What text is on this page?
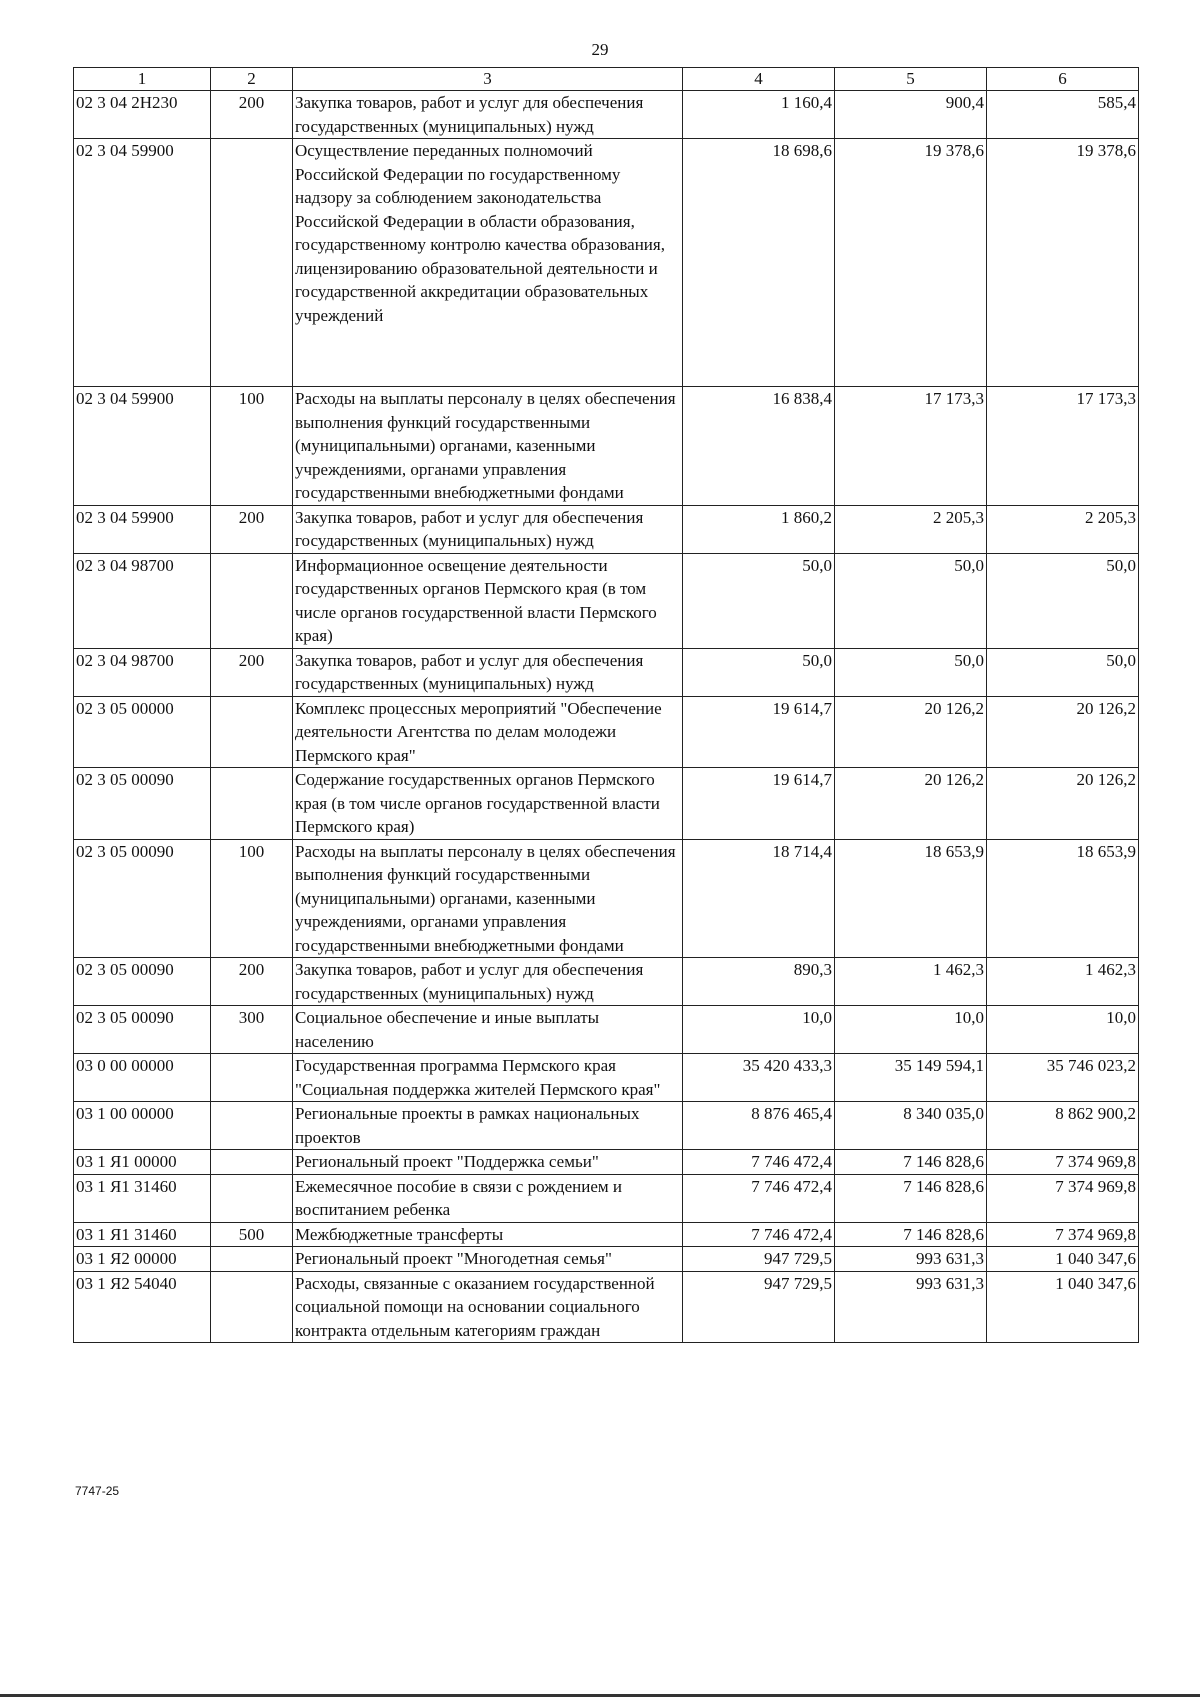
29
1	2	3	4	5	6
02 3 04 2Н230	200	Закупка товаров, работ и услуг для обеспечения государственных (муниципальных) нужд	1 160,4	900,4	585,4
02 3 04 59900		Осуществление переданных полномочий Российской Федерации по государственному надзору за соблюдением законодательства Российской Федерации в области образования, государственному контролю качества образования, лицензированию образовательной деятельности и государственной аккредитации образовательных учреждений	18 698,6	19 378,6	19 378,6
02 3 04 59900	100	Расходы на выплаты персоналу в целях обеспечения выполнения функций государственными (муниципальными) органами, казенными учреждениями, органами управления государственными внебюджетными фондами	16 838,4	17 173,3	17 173,3
02 3 04 59900	200	Закупка товаров, работ и услуг для обеспечения государственных (муниципальных) нужд	1 860,2	2 205,3	2 205,3
02 3 04 98700		Информационное освещение деятельности государственных органов Пермского края (в том числе органов государственной власти Пермского края)	50,0	50,0	50,0
02 3 04 98700	200	Закупка товаров, работ и услуг для обеспечения государственных (муниципальных) нужд	50,0	50,0	50,0
02 3 05 00000		Комплекс процессных мероприятий "Обеспечение деятельности Агентства по делам молодежи Пермского края"	19 614,7	20 126,2	20 126,2
02 3 05 00090		Содержание государственных органов Пермского края (в том числе органов государственной власти Пермского края)	19 614,7	20 126,2	20 126,2
02 3 05 00090	100	Расходы на выплаты персоналу в целях обеспечения выполнения функций государственными (муниципальными) органами, казенными учреждениями, органами управления государственными внебюджетными фондами	18 714,4	18 653,9	18 653,9
02 3 05 00090	200	Закупка товаров, работ и услуг для обеспечения государственных (муниципальных) нужд	890,3	1 462,3	1 462,3
02 3 05 00090	300	Социальное обеспечение и иные выплаты населению	10,0	10,0	10,0
03 0 00 00000		Государственная программа Пермского края "Социальная поддержка жителей Пермского края"	35 420 433,3	35 149 594,1	35 746 023,2
03 1 00 00000		Региональные проекты в рамках национальных проектов	8 876 465,4	8 340 035,0	8 862 900,2
03 1 Я1 00000		Региональный проект "Поддержка семьи"	7 746 472,4	7 146 828,6	7 374 969,8
03 1 Я1 31460		Ежемесячное пособие в связи с рождением и воспитанием ребенка	7 746 472,4	7 146 828,6	7 374 969,8
03 1 Я1 31460	500	Межбюджетные трансферты	7 746 472,4	7 146 828,6	7 374 969,8
03 1 Я2 00000		Региональный проект "Многодетная семья"	947 729,5	993 631,3	1 040 347,6
03 1 Я2 54040		Расходы, связанные с оказанием государственной социальной помощи на основании социального контракта отдельным категориям граждан	947 729,5	993 631,3	1 040 347,6
7747-25
